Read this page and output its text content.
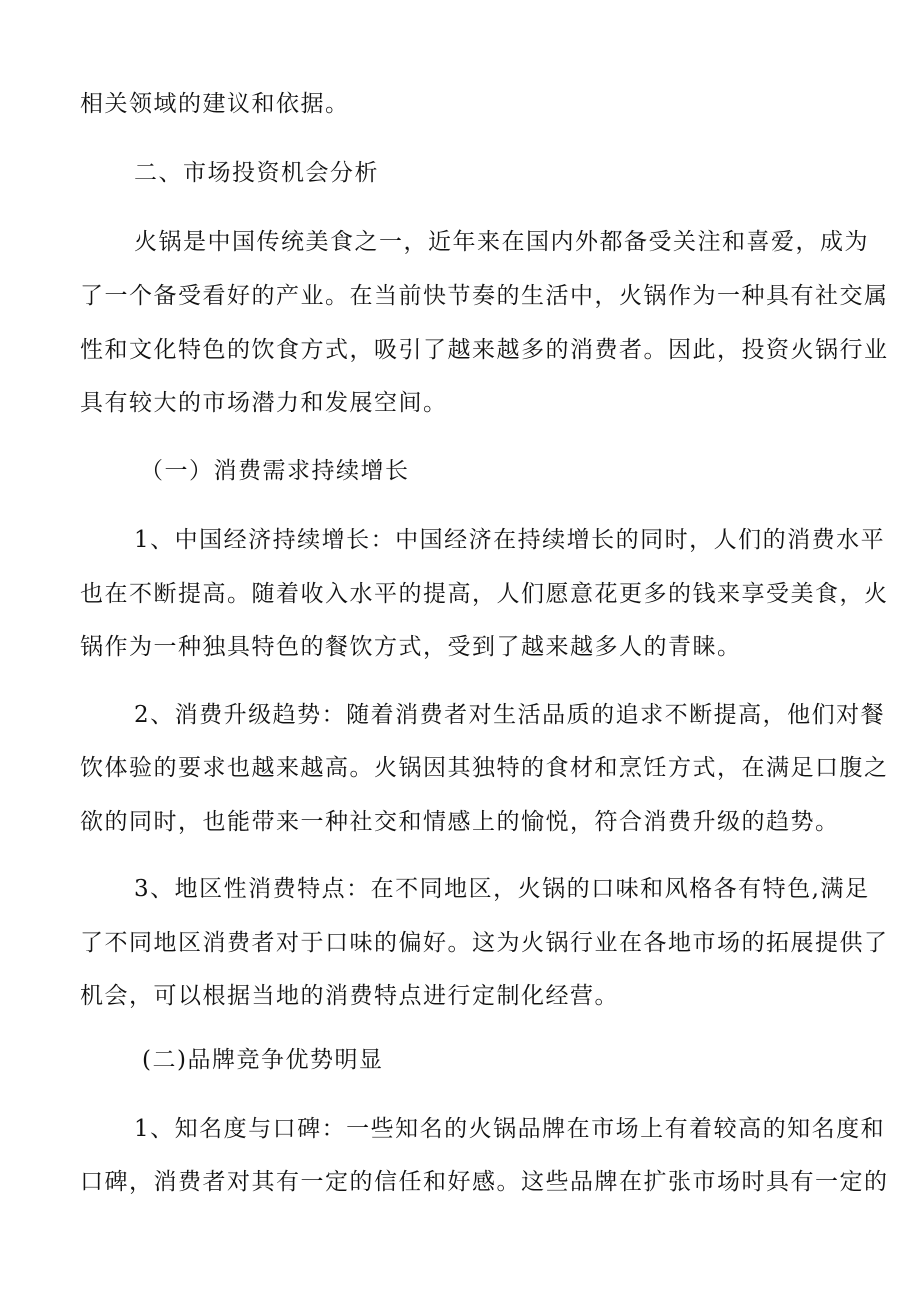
相关领域的建议和依据。
二、市场投资机会分析
火锅是中国传统美食之一，近年来在国内外都备受关注和喜爱，成为
了一个备受看好的产业。在当前快节奏的生活中，火锅作为一种具有社交属
性和文化特色的饮食方式，吸引了越来越多的消费者。因此，投资火锅行业
具有较大的市场潜力和发展空间。
（一）消费需求持续增长
1、中国经济持续增长：中国经济在持续增长的同时，人们的消费水平
也在不断提高。随着收入水平的提高，人们愿意花更多的钱来享受美食，火
锅作为一种独具特色的餐饮方式，受到了越来越多人的青睐。
2、消费升级趋势：随着消费者对生活品质的追求不断提高，他们对餐
饮体验的要求也越来越高。火锅因其独特的食材和烹饪方式，在满足口腹之
欲的同时，也能带来一种社交和情感上的愉悦，符合消费升级的趋势。
3、地区性消费特点：在不同地区，火锅的口味和风格各有特色,满足
了不同地区消费者对于口味的偏好。这为火锅行业在各地市场的拓展提供了
机会，可以根据当地的消费特点进行定制化经营。
(二)品牌竞争优势明显
1、知名度与口碑：一些知名的火锅品牌在市场上有着较高的知名度和
口碑，消费者对其有一定的信任和好感。这些品牌在扩张市场时具有一定的
